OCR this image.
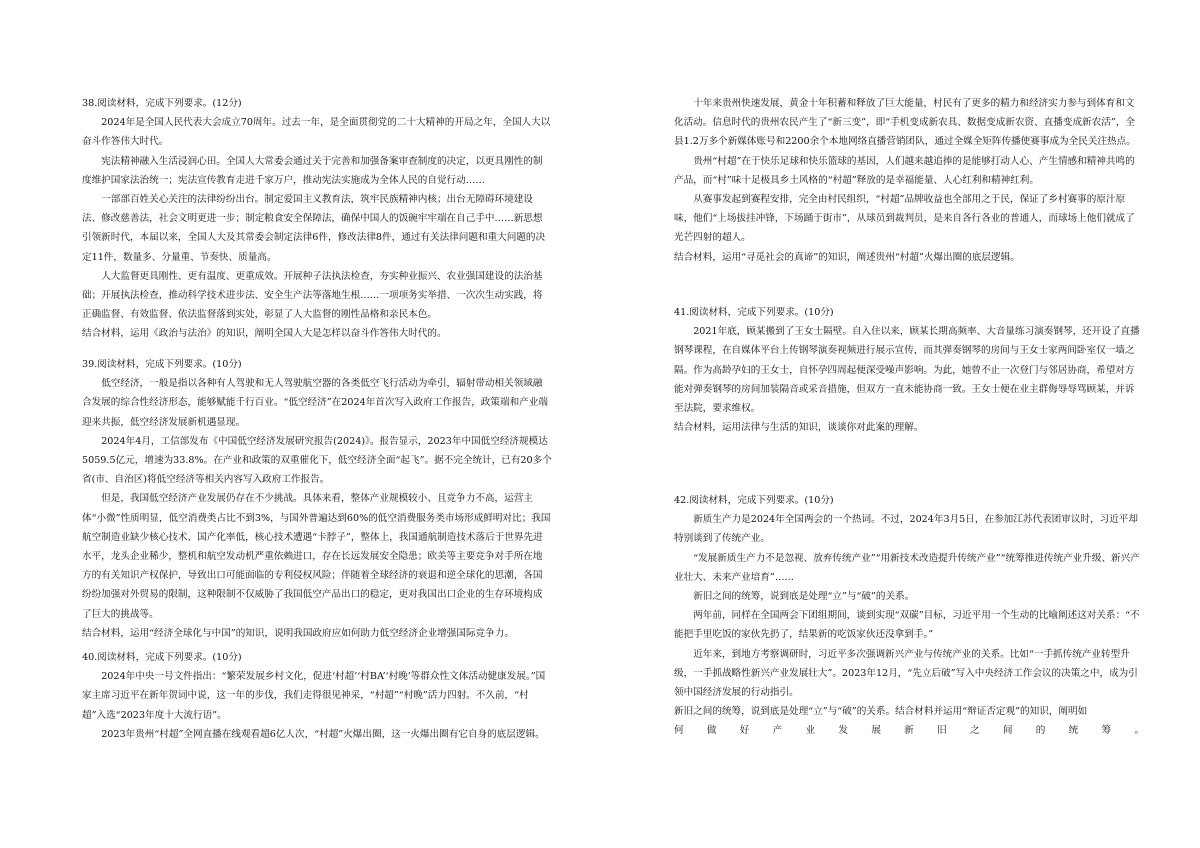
38.阅读材料，完成下列要求。(12分)

2024年是全国人民代表大会成立70周年。过去一年，是全面贯彻党的二十大精神的开局之年，全国人大以奋斗作答伟大时代。

宪法精神融入生活浸润心田。全国人大常委会通过关于完善和加强备案审查制度的决定，以更具刚性的制度维护国家法治统一；宪法宣传教育走进千家万户，推动宪法实施成为全体人民的自觉行动……

一部部百姓关心关注的法律纷纷出台。制定爱国主义教育法，筑牢民族精神内核；出台无障碍环境建设法、修改慈善法，社会文明更进一步；制定粮食安全保障法，确保中国人的饭碗牢牢端在自己手中……新思想引领新时代，本届以来，全国人大及其常委会制定法律6件，修改法律8件，通过有关法律问题和重大问题的决定11件，数量多、分量重、节奏快、质量高。

人大监督更具刚性、更有温度、更重成效。开展种子法执法检查，夯实种业振兴、农业强国建设的法治基础；开展执法检查，推动科学技术进步法、安全生产法等落地生根……一项项务实举措、一次次生动实践，将正确监督、有效监督、依法监督落到实处，彰显了人大监督的刚性品格和亲民本色。

结合材料，运用《政治与法治》的知识，阐明全国人大是怎样以奋斗作答伟大时代的。

39.阅读材料，完成下列要求。(10分)

低空经济，一般是指以各种有人驾驶和无人驾驶航空器的各类低空飞行活动为牵引，辐射带动相关领域融合发展的综合性经济形态，能够赋能千行百业。“低空经济”在2024年首次写入政府工作报告，政策端和产业端迎来共振，低空经济发展新机遇显现。

2024年4月，工信部发布《中国低空经济发展研究报告(2024)》。报告显示，2023年中国低空经济规模达5059.5亿元，增速为33.8%。在产业和政策的双重催化下，低空经济全面“起飞”。据不完全统计，已有20多个省(市、自治区)将低空经济等相关内容写入政府工作报告。

但是，我国低空经济产业发展仍存在不少挑战。具体来看，整体产业规模较小、且竞争力不高，运营主体“小微”性质明显，低空消费类占比不到3%，与国外普遍达到60%的低空消费服务类市场形成鲜明对比；我国航空制造业缺少核心技术、国产化率低，核心技术遭遇“卡脖子”，整体上，我国通航制造技术落后于世界先进水平，龙头企业稀少，整机和航空发动机严重依赖进口，存在长远发展安全隐患；欧美等主要竞争对手所在地方的有关知识产权保护，导致出口可能面临的专利侵权风险；伴随着全球经济的衰退和逆全球化的思潮，各国纷纷加强对外贸易的限制，这种限制不仅威胁了我国低空产品出口的稳定，更对我国出口企业的生存环境构成了巨大的挑战等。

结合材料，运用“经济全球化与中国”的知识，说明我国政府应如何助力低空经济企业增强国际竞争力。

40.阅读材料，完成下列要求。(10分)

2024年中央一号文件指出：“繁荣发展乡村文化，促进‘村超’‘村BA’‘村晚’等群众性文体活动健康发展。”国家主席习近平在新年贺词中说，这一年的步伐，我们走得很见神采，“村超”“村晚”活力四射。不久前，“村超”入选“2023年度十大流行语”。

2023年贵州“村超”全网直播在线观看超6亿人次，“村超”火爆出圈，这一火爆出圈有它自身的底层逻辑。

十年来贵州快速发展，黄金十年积蓄和释放了巨大能量，村民有了更多的精力和经济实力参与到体育和文化活动。信息时代的贵州农民产生了“新三变”，即“手机变成新农具、数据变成新农资、直播变成新农活”，全县1.2万多个新媒体账号和2200余个本地网络直播营销团队，通过全媒全矩阵传播使赛事成为全民关注热点。

贵州“村超”在于快乐足球和快乐篮球的基因，人们越来越追捧的是能够打动人心、产生情感和精神共鸣的产品，而“村”味十足极具乡土风格的“村超”释放的是幸福能量、人心红利和精神红利。

从赛事发起到赛程安排，完全由村民组织，“村超”品牌收益也全部用之于民，保证了乡村赛事的原汁原味，他们“上场拔挂冲锋，下场踊于街市”，从球员到裁判员，是来自各行各业的普通人，而球场上他们就成了光芒四射的超人。

结合材料，运用“寻觅社会的真谛”的知识，阐述贵州“村超”火爆出圈的底层逻辑。

41.阅读材料，完成下列要求。(10分)

2021年底，顾某搬到了王女士隔壁。自入住以来，顾某长期高频率、大音量练习演奏钢琴，还开设了直播钢琴课程，在自媒体平台上传钢琴演奏视频进行展示宣传，而其弹奏钢琴的房间与王女士家两间卧室仅一墙之隔。作为高龄孕妇的王女士，自怀孕四周起便深受噪声影响。为此，她曾不止一次登门与邻居协商，希望对方能对弹奏钢琴的房间加装隔音或采音措施，但双方一直未能协商一致。王女士便在业主群侮辱辱骂顾某，并诉至法院，要求维权。

结合材料，运用法律与生活的知识，谈谈你对此案的理解。

42.阅读材料，完成下列要求。(10分)

新质生产力是2024年全国两会的一个热词。不过，2024年3月5日，在参加江苏代表团审议时，习近平却特别谈到了传统产业。

“发展新质生产力不是忽视、放弃传统产业”“用新技术改造提升传统产业”“统筹推进传统产业升级、新兴产业壮大、未来产业培育”……

新旧之间的统筹，说到底是处理“立”与“破”的关系。

两年前，同样在全国两会下团组期间，谈到实现“双碳”目标，习近平用一个生动的比喻阐述这对关系：“不能把手里吃饭的家伙先扔了，结果新的吃饭家伙还没拿到手。”

近年来，到地方考察调研时，习近平多次强调新兴产业与传统产业的关系。比如“一手抓传统产业转型升级，一手抓战略性新兴产业发展壮大”。2023年12月，“先立后破”写入中央经济工作会议的决策之中，成为引领中国经济发展的行动指引。

新旧之间的统筹，说到底是处理“立”与“破”的关系。结合材料并运用“辩证否定观”的知识，阐明如

何做好产业发展新旧之间的统筹。
